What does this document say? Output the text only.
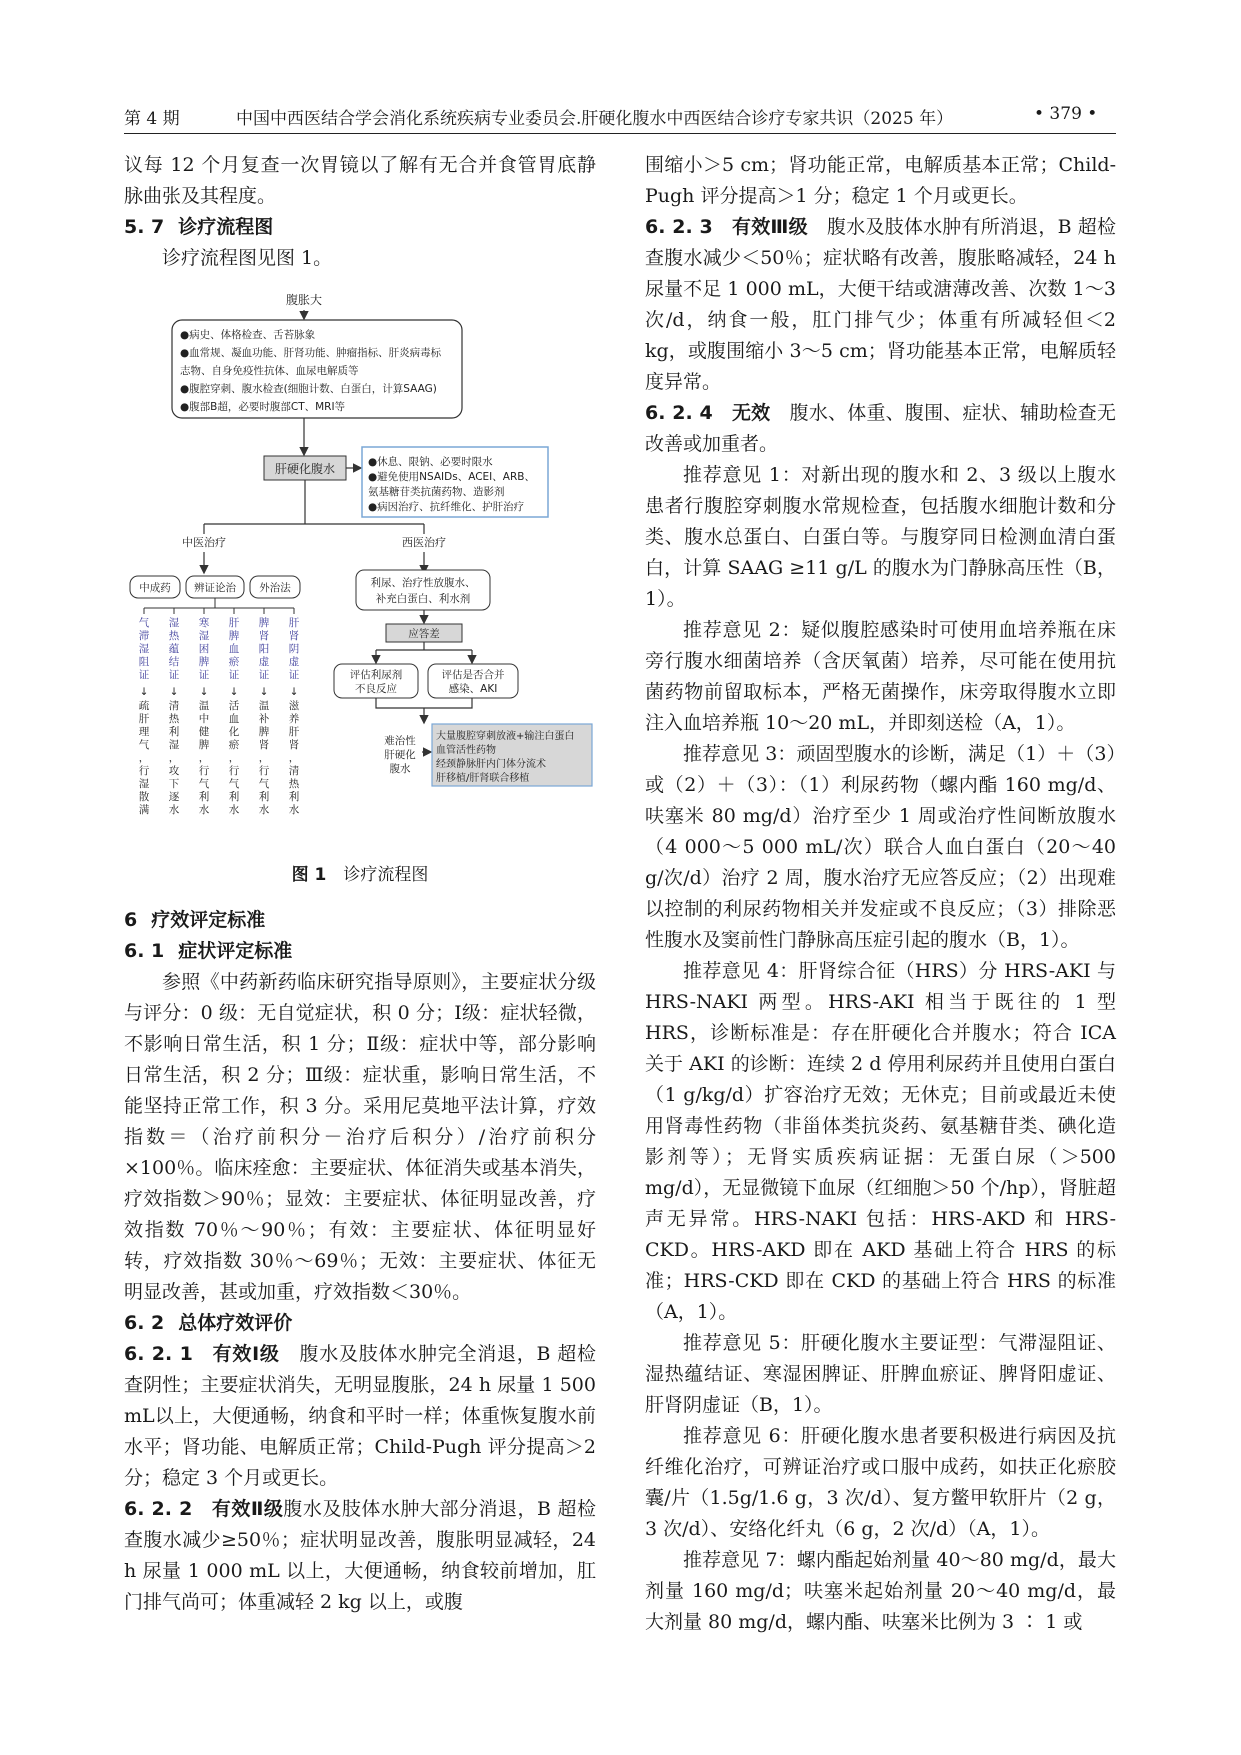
第 4 期	中国中西医结合学会消化系统疾病专业委员会.肝硬化腹水中西医结合诊疗专家共识（2025 年）	• 379 •

议每 12 个月复查一次胃镜以了解有无合并食管胃底静脉曲张及其程度。

5. 7 诊疗流程图

诊疗流程图见图 1。

腹胀大
●病史、体格检查、舌苔脉象
●血常规、凝血功能、肝肾功能、肿瘤指标、肝炎病毒标
志物、自身免疫性抗体、血尿电解质等
●腹腔穿刺、腹水检查(细胞计数、白蛋白，计算SAAG)
●腹部B超，必要时腹部CT、MRI等
肝硬化腹水	●休息、限钠、必要时限水
●避免使用NSAIDs、ACEI、ARB、
氨基糖苷类抗菌药物、造影剂
●病因治疗、抗纤维化、护肝治疗
中医治疗	西医治疗
中成药 辨证论治 外治法
气滞湿阻证
↓
疏肝理气，行湿散满
湿热蕴结证
↓
清热利湿，攻下逐水
寒湿困脾证
↓
温中健脾，行气利水
肝脾血瘀证
↓
活血化瘀，行气利水
脾肾阳虚证
↓
温补脾肾，行气利水
肝肾阴虚证
↓
滋养肝肾，清热利水
利尿、治疗性放腹水、
补充白蛋白、利水剂
应答差
评估利尿剂
不良反应
评估是否合并
感染、AKI
难治性
肝硬化
腹水
大量腹腔穿刺放液+输注白蛋白
血管活性药物
经颈静脉肝内门体分流术
肝移植/肝肾联合移植
图 1 诊疗流程图
6 疗效评定标准
6. 1 症状评定标准

参照《中药新药临床研究指导原则》，主要症状分级与评分：0 级：无自觉症状，积 0 分；Ⅰ级：症状轻微，不影响日常生活，积 1 分；Ⅱ级：症状中等，部分影响日常生活，积 2 分；Ⅲ级：症状重，影响日常生活，不能坚持正常工作，积 3 分。采用尼莫地平法计算，疗效指数＝（治疗前积分－治疗后积分）/治疗前积分×100％。临床痊愈：主要症状、体征消失或基本消失，疗效指数＞90％；显效：主要症状、体征明显改善，疗效指数 70％～90％；有效：主要症状、体征明显好转，疗效指数 30％～69％；无效：主要症状、体征无明显改善，甚或加重，疗效指数＜30％。

6. 2 总体疗效评价

6. 2. 1 有效Ⅰ级 腹水及肢体水肿完全消退，B 超检查阴性；主要症状消失，无明显腹胀，24 h 尿量 1 500 mL以上，大便通畅，纳食和平时一样；体重恢复腹水前水平；肾功能、电解质正常；Child-Pugh 评分提高＞2 分；稳定 3 个月或更长。

6. 2. 2 有效Ⅱ级腹水及肢体水肿大部分消退，B 超检查腹水减少≥50％；症状明显改善，腹胀明显减轻，24 h 尿量 1 000 mL 以上，大便通畅，纳食较前增加，肛门排气尚可；体重减轻 2 kg 以上，或腹

围缩小＞5 cm；肾功能正常，电解质基本正常；Child-Pugh 评分提高＞1 分；稳定 1 个月或更长。

6. 2. 3 有效Ⅲ级 腹水及肢体水肿有所消退，B 超检查腹水减少＜50％；症状略有改善，腹胀略减轻，24 h 尿量不足 1 000 mL，大便干结或溏薄改善、次数 1～3 次/d，纳食一般，肛门排气少；体重有所减轻但＜2 kg，或腹围缩小 3～5 cm；肾功能基本正常，电解质轻度异常。

6. 2. 4 无效 腹水、体重、腹围、症状、辅助检查无改善或加重者。

推荐意见 1：对新出现的腹水和 2、3 级以上腹水患者行腹腔穿刺腹水常规检查，包括腹水细胞计数和分类、腹水总蛋白、白蛋白等。与腹穿同日检测血清白蛋白，计算 SAAG ≥11 g/L 的腹水为门静脉高压性（B，1）。

推荐意见 2：疑似腹腔感染时可使用血培养瓶在床旁行腹水细菌培养（含厌氧菌）培养，尽可能在使用抗菌药物前留取标本，严格无菌操作，床旁取得腹水立即注入血培养瓶 10～20 mL，并即刻送检（A，1）。

推荐意见 3：顽固型腹水的诊断，满足（1）＋（3）或（2）＋（3）：（1）利尿药物（螺内酯 160 mg/d、呋塞米 80 mg/d）治疗至少 1 周或治疗性间断放腹水（4 000～5 000 mL/次）联合人血白蛋白（20～40 g/次/d）治疗 2 周，腹水治疗无应答反应；（2）出现难以控制的利尿药物相关并发症或不良反应；（3）排除恶性腹水及窦前性门静脉高压症引起的腹水（B，1）。

推荐意见 4：肝肾综合征（HRS）分 HRS-AKI 与 HRS-NAKI 两型。HRS-AKI 相当于既往的 1 型 HRS，诊断标准是：存在肝硬化合并腹水；符合 ICA 关于 AKI 的诊断：连续 2 d 停用利尿药并且使用白蛋白（1 g/kg/d）扩容治疗无效；无休克；目前或最近未使用肾毒性药物（非甾体类抗炎药、氨基糖苷类、碘化造影剂等）；无肾实质疾病证据：无蛋白尿（＞500 mg/d），无显微镜下血尿（红细胞＞50 个/hp），肾脏超声无异常。HRS-NAKI 包括：HRS-AKD 和 HRS-CKD。HRS-AKD 即在 AKD 基础上符合 HRS 的标准；HRS-CKD 即在 CKD 的基础上符合 HRS 的标准（A，1）。

推荐意见 5：肝硬化腹水主要证型：气滞湿阻证、湿热蕴结证、寒湿困脾证、肝脾血瘀证、脾肾阳虚证、肝肾阴虚证（B，1）。

推荐意见 6：肝硬化腹水患者要积极进行病因及抗纤维化治疗，可辨证治疗或口服中成药，如扶正化瘀胶囊/片（1.5g/1.6 g，3 次/d）、复方鳖甲软肝片（2 g，3 次/d）、安络化纤丸（6 g，2 次/d）（A，1）。

推荐意见 7：螺内酯起始剂量 40～80 mg/d，最大剂量 160 mg/d；呋塞米起始剂量 20～40 mg/d，最大剂量 80 mg/d，螺内酯、呋塞米比例为 3 ∶ 1 或
